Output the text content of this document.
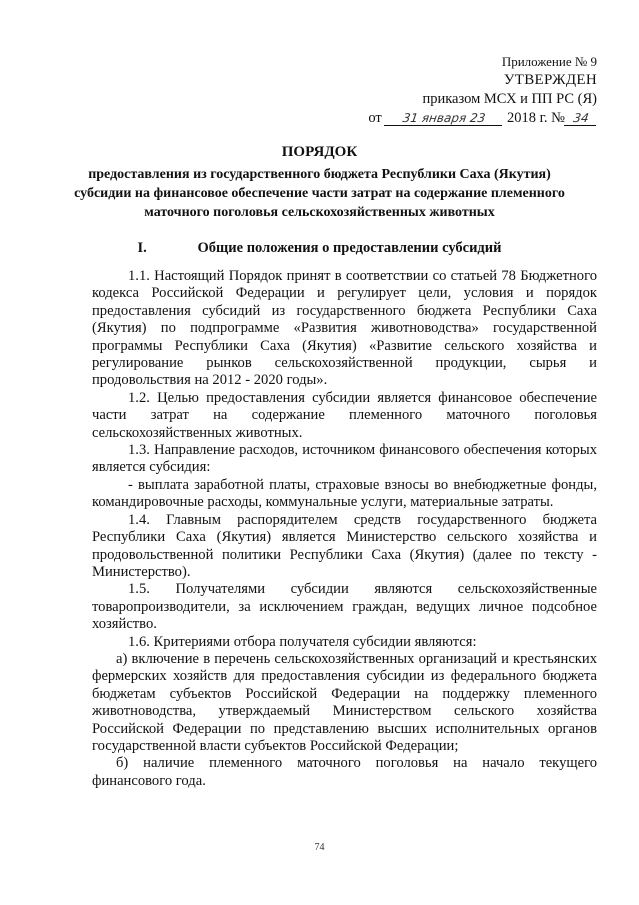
Приложение № 9
УТВЕРЖДЕН
приказом МСХ и ПП РС (Я)
от 31 января 23 2018 г. № 34
ПОРЯДОК
предоставления из государственного бюджета Республики Саха (Якутия) субсидии на финансовое обеспечение части затрат на содержание племенного маточного поголовья сельскохозяйственных животных
I.	Общие положения о предоставлении субсидий

1.1. Настоящий Порядок принят в соответствии со статьей 78 Бюджетного кодекса Российской Федерации и регулирует цели, условия и порядок предоставления субсидий из государственного бюджета Республики Саха (Якутия) по подпрограмме «Развития животноводства» государственной программы Республики Саха (Якутия) «Развитие сельского хозяйства и регулирование рынков сельскохозяйственной продукции, сырья и продовольствия на 2012 - 2020 годы».

1.2. Целью предоставления субсидии является финансовое обеспечение части затрат на содержание племенного маточного поголовья сельскохозяйственных животных.

1.3. Направление расходов, источником финансового обеспечения которых является субсидия:

- выплата заработной платы, страховые взносы во внебюджетные фонды, командировочные расходы, коммунальные услуги, материальные затраты.

1.4. Главным распорядителем средств государственного бюджета Республики Саха (Якутия) является Министерство сельского хозяйства и продовольственной политики Республики Саха (Якутия) (далее по тексту - Министерство).

1.5. Получателями субсидии являются сельскохозяйственные товаропроизводители, за исключением граждан, ведущих личное подсобное хозяйство.

1.6. Критериями отбора получателя субсидии являются:

а) включение в перечень сельскохозяйственных организаций и крестьянских фермерских хозяйств для предоставления субсидии из федерального бюджета бюджетам субъектов Российской Федерации на поддержку племенного животноводства, утверждаемый Министерством сельского хозяйства Российской Федерации по представлению высших исполнительных органов государственной власти субъектов Российской Федерации;

б) наличие племенного маточного поголовья на начало текущего финансового года.

74
